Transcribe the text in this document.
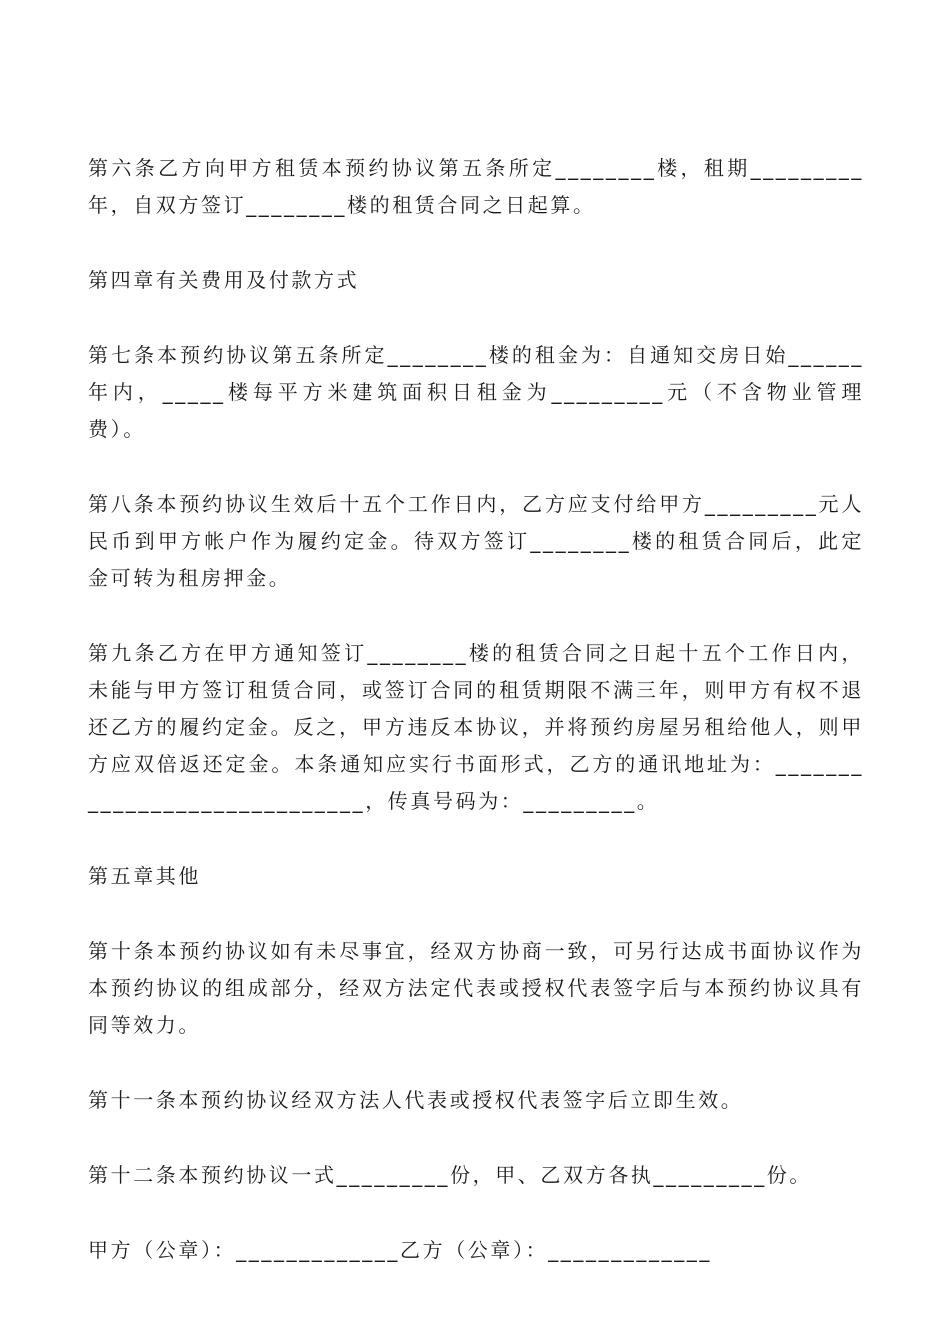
第六条乙方向甲方租赁本预约协议第五条所定________楼，租期_________年，自双方签订________楼的租赁合同之日起算。

第四章有关费用及付款方式

第七条本预约协议第五条所定________楼的租金为：自通知交房日始______年内，_____楼每平方米建筑面积日租金为_________元（不含物业管理费）。

第八条本预约协议生效后十五个工作日内，乙方应支付给甲方_________元人民币到甲方帐户作为履约定金。待双方签订________楼的租赁合同后，此定金可转为租房押金。

第九条乙方在甲方通知签订________楼的租赁合同之日起十五个工作日内，未能与甲方签订租赁合同，或签订合同的租赁期限不满三年，则甲方有权不退还乙方的履约定金。反之，甲方违反本协议，并将预约房屋另租给他人，则甲方应双倍返还定金。本条通知应实行书面形式，乙方的通讯地址为：_____________________________，传真号码为：_________。

第五章其他

第十条本预约协议如有未尽事宜，经双方协商一致，可另行达成书面协议作为本预约协议的组成部分，经双方法定代表或授权代表签字后与本预约协议具有同等效力。

第十一条本预约协议经双方法人代表或授权代表签字后立即生效。

第十二条本预约协议一式_________份，甲、乙双方各执_________份。

甲方（公章）：_____________乙方（公章）：_____________
